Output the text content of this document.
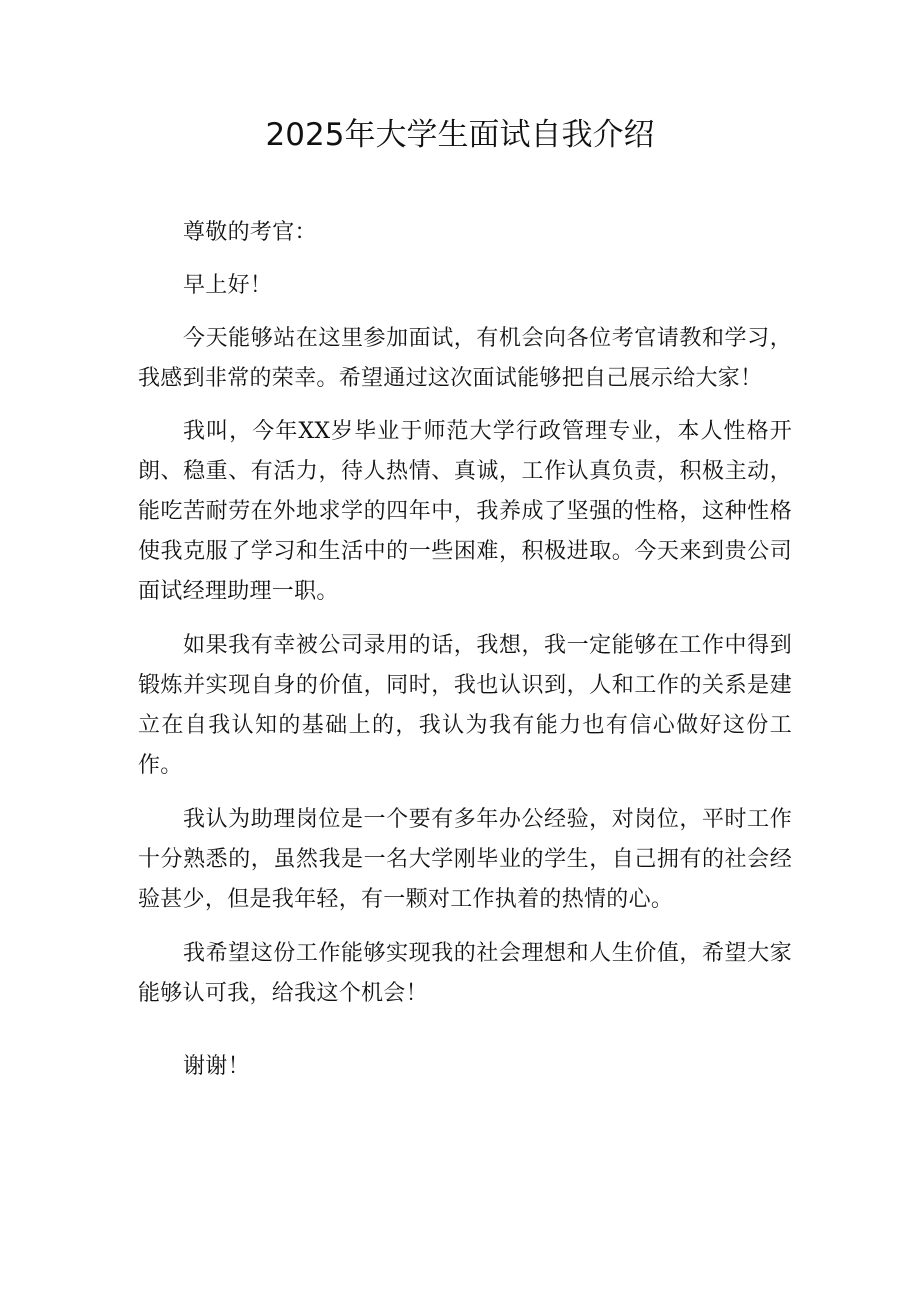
2025年大学生面试自我介绍

尊敬的考官：

早上好！

今天能够站在这里参加面试，有机会向各位考官请教和学习，我感到非常的荣幸。希望通过这次面试能够把自己展示给大家！

我叫，今年XX岁毕业于师范大学行政管理专业，本人性格开朗、稳重、有活力，待人热情、真诚，工作认真负责，积极主动，能吃苦耐劳在外地求学的四年中，我养成了坚强的性格，这种性格使我克服了学习和生活中的一些困难，积极进取。今天来到贵公司面试经理助理一职。

如果我有幸被公司录用的话，我想，我一定能够在工作中得到锻炼并实现自身的价值，同时，我也认识到，人和工作的关系是建立在自我认知的基础上的，我认为我有能力也有信心做好这份工作。

我认为助理岗位是一个要有多年办公经验，对岗位，平时工作十分熟悉的，虽然我是一名大学刚毕业的学生，自己拥有的社会经验甚少，但是我年轻，有一颗对工作执着的热情的心。

我希望这份工作能够实现我的社会理想和人生价值，希望大家能够认可我，给我这个机会！

谢谢！
